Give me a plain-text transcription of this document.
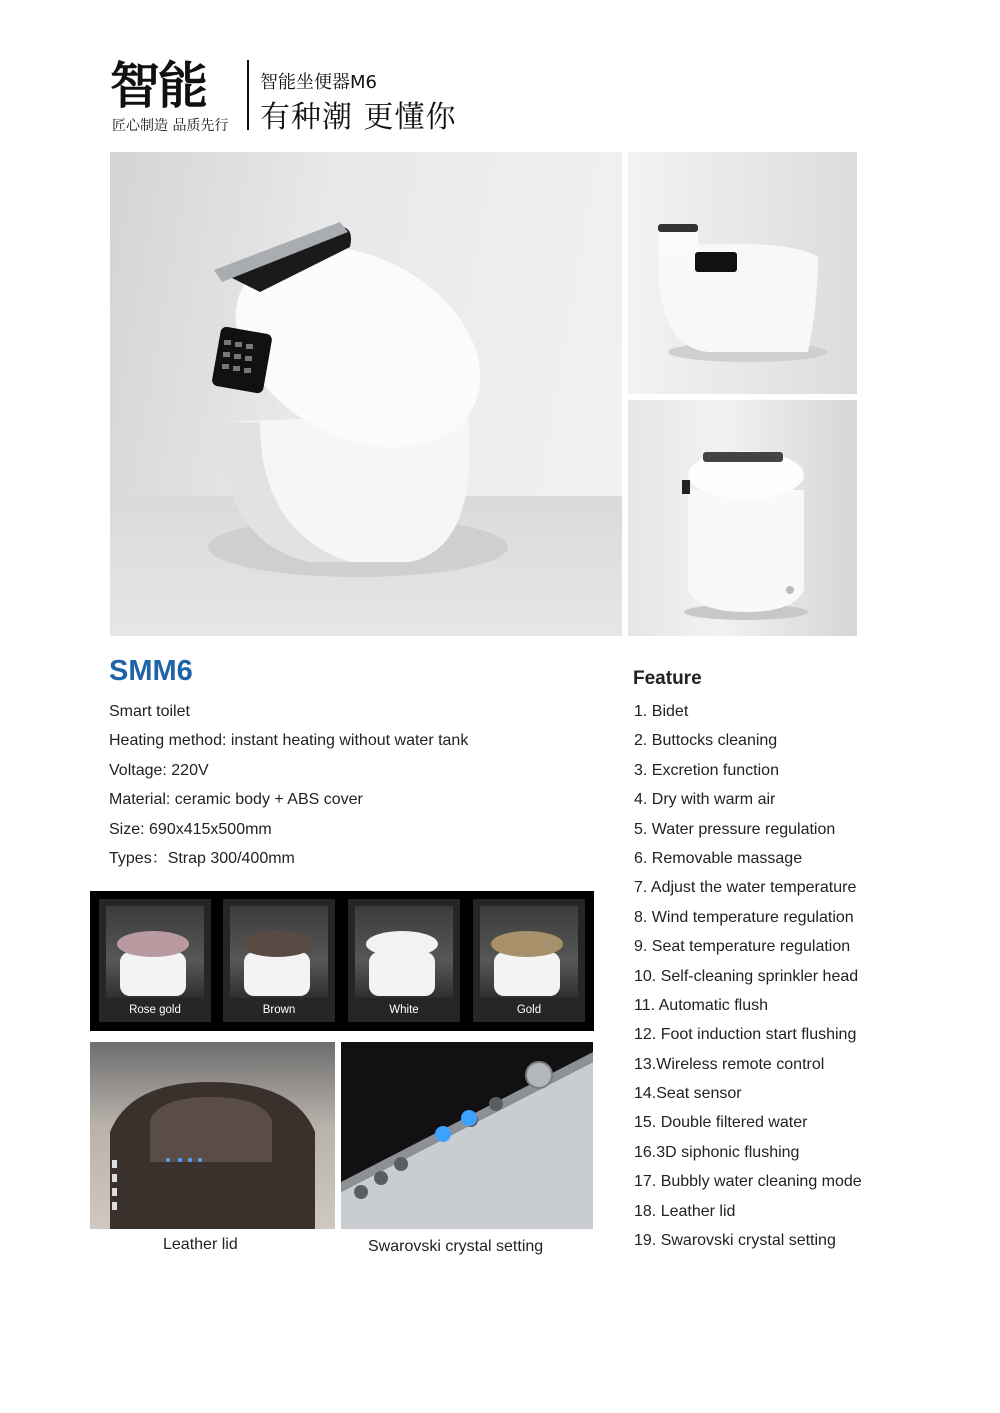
智能
匠心制造 品质先行
智能坐便器M6
有种潮 更懂你
SMM6
Smart toilet
Heating method: instant heating without water tank
Voltage: 220V
Material: ceramic body + ABS cover
Size: 690x415x500mm
Types：Strap 300/400mm
Feature
1. Bidet
2. Buttocks cleaning
3. Excretion function
4. Dry with warm air
5. Water pressure regulation
6. Removable massage
7. Adjust the water temperature
8. Wind temperature regulation
9. Seat temperature regulation
10. Self-cleaning sprinkler head
11. Automatic flush
12. Foot induction start flushing
13.Wireless remote control
14.Seat sensor
15. Double filtered water
16.3D siphonic flushing
17. Bubbly water cleaning mode
18. Leather lid
19. Swarovski crystal setting
Rose gold	Brown	White	Gold
Leather lid	Swarovski crystal setting
